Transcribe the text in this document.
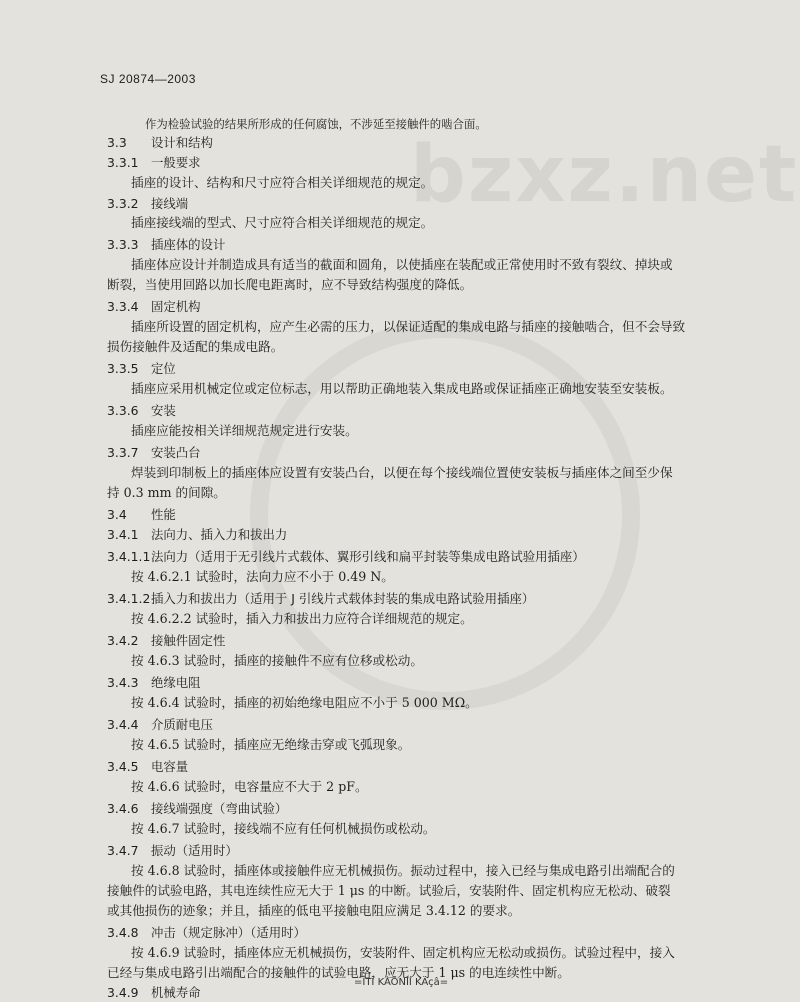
bzxz.net
SJ 20874—2003
作为检验试验的结果所形成的任何腐蚀，不涉延至接触件的啮合面。
3.3 设计和结构
3.3.1 一般要求
插座的设计、结构和尺寸应符合相关详细规范的规定。
3.3.2 接线端
插座接线端的型式、尺寸应符合相关详细规范的规定。
3.3.3 插座体的设计
插座体应设计并制造成具有适当的截面和圆角，以使插座在装配或正常使用时不致有裂纹、掉块或
断裂，当使用回路以加长爬电距离时，应不导致结构强度的降低。
3.3.4 固定机构
插座所设置的固定机构，应产生必需的压力，以保证适配的集成电路与插座的接触啮合，但不会导致
损伤接触件及适配的集成电路。
3.3.5 定位
插座应采用机械定位或定位标志，用以帮助正确地装入集成电路或保证插座正确地安装至安装板。
3.3.6 安装
插座应能按相关详细规范规定进行安装。
3.3.7 安装凸台
焊装到印制板上的插座体应设置有安装凸台，以便在每个接线端位置使安装板与插座体之间至少保
持 0.3 mm 的间隙。
3.4 性能
3.4.1 法向力、插入力和拔出力
3.4.1.1法向力（适用于无引线片式载体、翼形引线和扁平封装等集成电路试验用插座）
按 4.6.2.1 试验时，法向力应不小于 0.49 N。
3.4.1.2插入力和拔出力（适用于 J 引线片式载体封装的集成电路试验用插座）
按 4.6.2.2 试验时，插入力和拔出力应符合详细规范的规定。
3.4.2 接触件固定性
按 4.6.3 试验时，插座的接触件不应有位移或松动。
3.4.3 绝缘电阻
按 4.6.4 试验时，插座的初始绝缘电阻应不小于 5 000 MΩ。
3.4.4 介质耐电压
按 4.6.5 试验时，插座应无绝缘击穿或飞弧现象。
3.4.5 电容量
按 4.6.6 试验时，电容量应不大于 2 pF。
3.4.6 接线端强度（弯曲试验）
按 4.6.7 试验时，接线端不应有任何机械损伤或松动。
3.4.7 振动（适用时）
按 4.6.8 试验时，插座体或接触件应无机械损伤。振动过程中，接入已经与集成电路引出端配合的
接触件的试验电路，其电连续性应无大于 1 μs 的中断。试验后，安装附件、固定机构应无松动、破裂
或其他损伤的迹象；并且，插座的低电平接触电阻应满足 3.4.12 的要求。
3.4.8 冲击（规定脉冲）（适用时）
按 4.6.9 试验时，插座体应无机械损伤，安装附件、固定机构应无松动或损伤。试验过程中，接入
已经与集成电路引出端配合的接触件的试验电路，应无大于 1 μs 的电连续性中断。
3.4.9 机械寿命
=ÎTÎ KÀÕNÌÍ KÄçâ=
